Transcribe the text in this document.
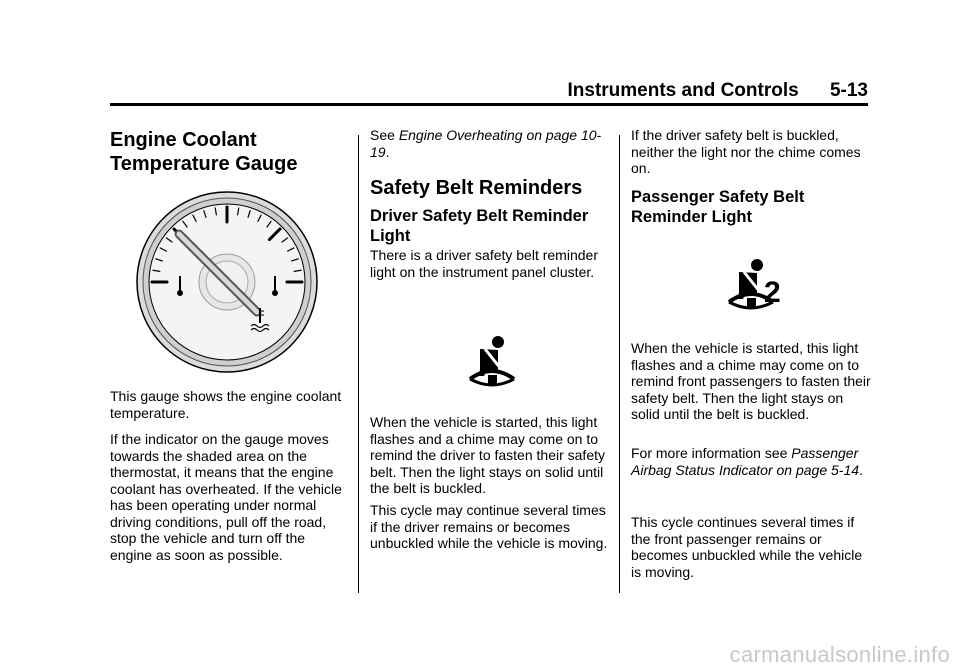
Instruments and Controls 5-13
Engine Coolant
Temperature Gauge

This gauge shows the engine coolant temperature.

If the indicator on the gauge moves towards the shaded area on the thermostat, it means that the engine coolant has overheated. If the vehicle has been operating under normal driving conditions, pull off the road, stop the vehicle and turn off the engine as soon as possible.

See Engine Overheating on page 10-19.

Safety Belt Reminders
Driver Safety Belt Reminder Light

There is a driver safety belt reminder light on the instrument panel cluster.

When the vehicle is started, this light flashes and a chime may come on to remind the driver to fasten their safety belt. Then the light stays on solid until the belt is buckled.

This cycle may continue several times if the driver remains or becomes unbuckled while the vehicle is moving.

If the driver safety belt is buckled, neither the light nor the chime comes on.

Passenger Safety Belt Reminder Light
2

When the vehicle is started, this light flashes and a chime may come on to remind front passengers to fasten their safety belt. Then the light stays on solid until the belt is buckled.

For more information see Passenger Airbag Status Indicator on page 5-14.

This cycle continues several times if the front passenger remains or becomes unbuckled while the vehicle is moving.

carmanualsonline.info
